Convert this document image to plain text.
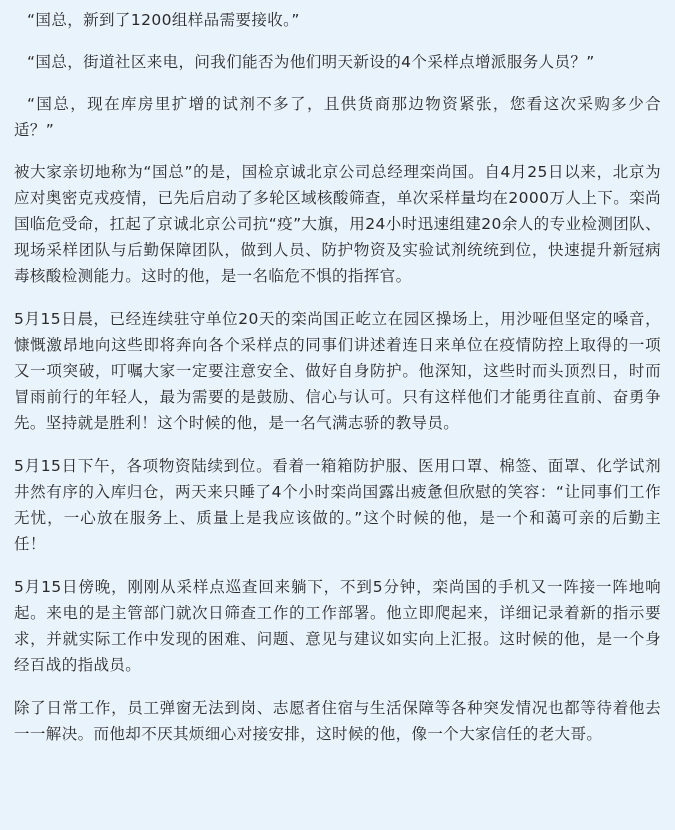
“国总，新到了1200组样品需要接收。”

“国总，街道社区来电，问我们能否为他们明天新设的4个采样点增派服务人员？”

“国总，现在库房里扩增的试剂不多了，且供货商那边物资紧张，您看这次采购多少合适？”

被大家亲切地称为“国总”的是，国检京诚北京公司总经理栾尚国。自4月25日以来，北京为应对奥密克戎疫情，已先后启动了多轮区域核酸筛查，单次采样量均在2000万人上下。栾尚国临危受命，扛起了京诚北京公司抗“疫”大旗，用24小时迅速组建20余人的专业检测团队、现场采样团队与后勤保障团队，做到人员、防护物资及实验试剂统统到位，快速提升新冠病毒核酸检测能力。这时的他，是一名临危不惧的指挥官。

5月15日晨，已经连续驻守单位20天的栾尚国正屹立在园区操场上，用沙哑但坚定的嗓音，慷慨激昂地向这些即将奔向各个采样点的同事们讲述着连日来单位在疫情防控上取得的一项又一项突破，叮嘱大家一定要注意安全、做好自身防护。他深知，这些时而头顶烈日，时而冒雨前行的年轻人，最为需要的是鼓励、信心与认可。只有这样他们才能勇往直前、奋勇争先。坚持就是胜利！这个时候的他，是一名气满志骄的教导员。

5月15日下午，各项物资陆续到位。看着一箱箱防护服、医用口罩、棉签、面罩、化学试剂井然有序的入库归仓，两天来只睡了4个小时栾尚国露出疲惫但欣慰的笑容：“让同事们工作无忧，一心放在服务上、质量上是我应该做的。”这个时候的他，是一个和蔼可亲的后勤主任！

5月15日傍晚，刚刚从采样点巡查回来躺下，不到5分钟，栾尚国的手机又一阵接一阵地响起。来电的是主管部门就次日筛查工作的工作部署。他立即爬起来，详细记录着新的指示要求，并就实际工作中发现的困难、问题、意见与建议如实向上汇报。这时候的他，是一个身经百战的指战员。

除了日常工作，员工弹窗无法到岗、志愿者住宿与生活保障等各种突发情况也都等待着他去一一解决。而他却不厌其烦细心对接安排，这时候的他，像一个大家信任的老大哥。
